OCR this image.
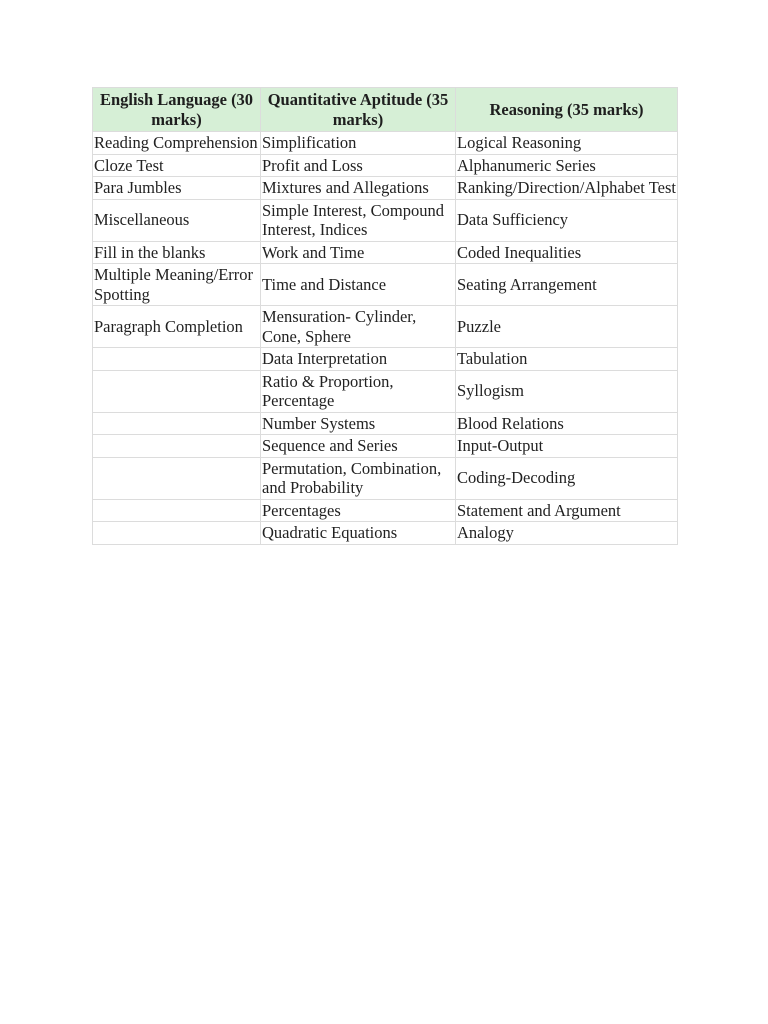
English Language (30 marks)	Quantitative Aptitude (35 marks)	Reasoning (35 marks)
Reading Comprehension	Simplification	Logical Reasoning
Cloze Test	Profit and Loss	Alphanumeric Series
Para Jumbles	Mixtures and Allegations	Ranking/Direction/Alphabet Test
Miscellaneous	Simple Interest, Compound Interest, Indices	Data Sufficiency
Fill in the blanks	Work and Time	Coded Inequalities
Multiple Meaning/Error Spotting	Time and Distance	Seating Arrangement
Paragraph Completion	Mensuration- Cylinder, Cone, Sphere	Puzzle
	Data Interpretation	Tabulation
	Ratio & Proportion, Percentage	Syllogism
	Number Systems	Blood Relations
	Sequence and Series	Input-Output
	Permutation, Combination, and Probability	Coding-Decoding
	Percentages	Statement and Argument
	Quadratic Equations	Analogy
